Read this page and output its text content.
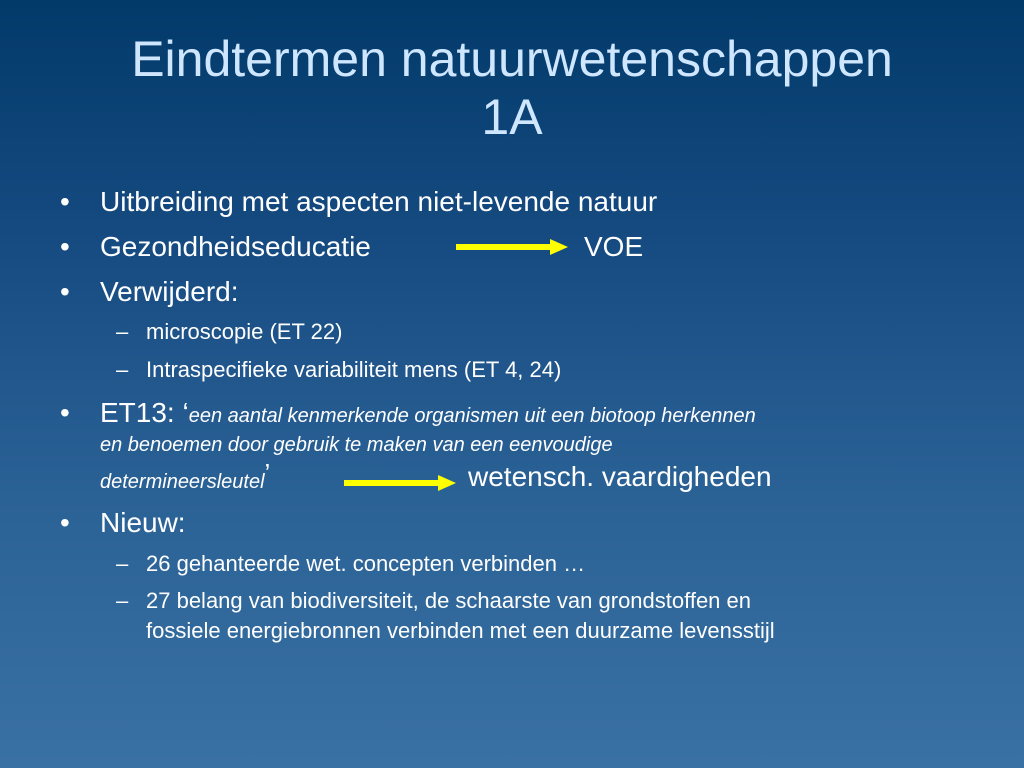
Eindtermen natuurwetenschappen
1A
• Uitbreiding met aspecten niet-levende natuur
• Gezondheidseducatie	VOE
• Verwijderd:
– microscopie (ET 22)
– Intraspecifieke variabiliteit mens (ET 4, 24)
• ET13: ‘een aantal kenmerkende organismen uit een biotoop herkennen
en benoemen door gebruik te maken van een eenvoudige
determineersleutel’	wetensch. vaardigheden
• Nieuw:
– 26 gehanteerde wet. concepten verbinden …
– 27 belang van biodiversiteit, de schaarste van grondstoffen en
fossiele energiebronnen verbinden met een duurzame levensstijl
